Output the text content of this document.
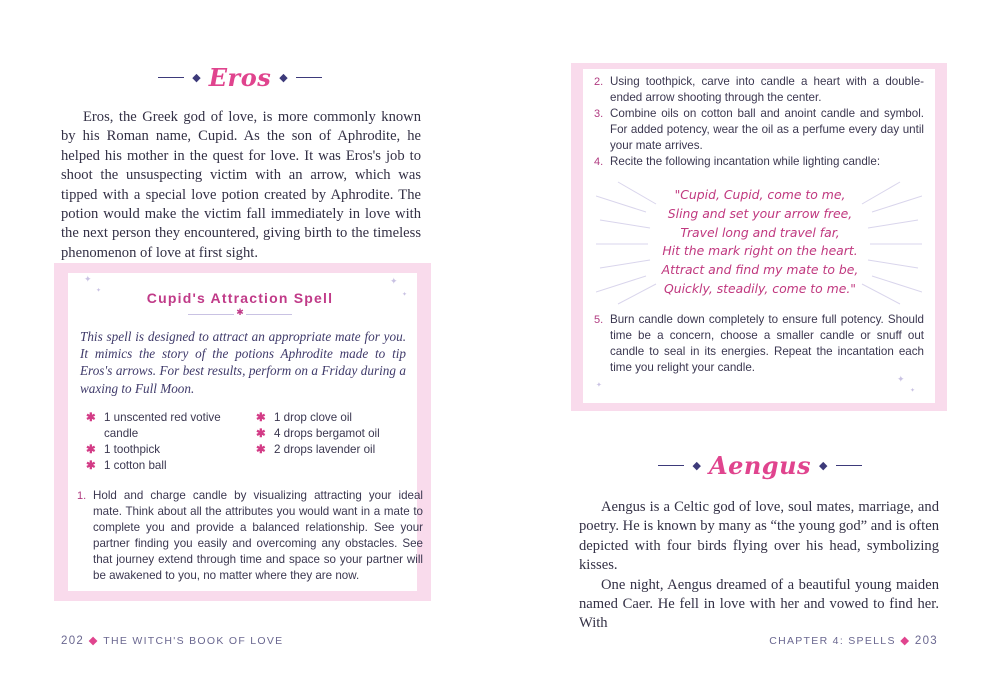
◆ Eros ◆

Eros, the Greek god of love, is more commonly known by his Roman name, Cupid. As the son of Aphrodite, he helped his mother in the quest for love. It was Eros's job to shoot the unsuspecting victim with an arrow, which was tipped with a special love potion created by Aphrodite. The potion would make the victim fall immediately in love with the next person they encountered, giving birth to the timeless phenomenon of love at first sight.

✦
✦
✦
✦
Cupid's Attraction Spell
✱
This spell is designed to attract an appropriate mate for you. It mimics the story of the potions Aphrodite made to tip Eros's arrows. For best results, perform on a Friday during a waxing to Full Moon.
✱ 1 unscented red votive candle
✱ 1 toothpick
✱ 1 cotton ball
✱ 1 drop clove oil
✱ 4 drops bergamot oil
✱ 2 drops lavender oil
1. Hold and charge candle by visualizing attracting your ideal mate. Think about all the attributes you would want in a mate to complete you and provide a balanced relationship. See your partner finding you easily and overcoming any obstacles. See that journey extend through time and space so your partner will be awakened to you, no matter where they are now.
202 ◆ THE WITCH'S BOOK OF LOVE
✦
✦
✦
2. Using toothpick, carve into candle a heart with a double-ended arrow shooting through the center.
3. Combine oils on cotton ball and anoint candle and symbol. For added potency, wear the oil as a perfume every day until your mate arrives.
4. Recite the following incantation while lighting candle:
"Cupid, Cupid, come to me,
Sling and set your arrow free,
Travel long and travel far,
Hit the mark right on the heart.
Attract and find my mate to be,
Quickly, steadily, come to me."
5. Burn candle down completely to ensure full potency. Should time be a concern, choose a smaller candle or snuff out candle to seal in its energies. Repeat the incantation each time you relight your candle.
◆ Aengus ◆

Aengus is a Celtic god of love, soul mates, marriage, and poetry. He is known by many as “the young god” and is often depicted with four birds flying over his head, symbolizing kisses.

One night, Aengus dreamed of a beautiful young maiden named Caer. He fell in love with her and vowed to find her. With

CHAPTER 4: SPELLS ◆ 203
